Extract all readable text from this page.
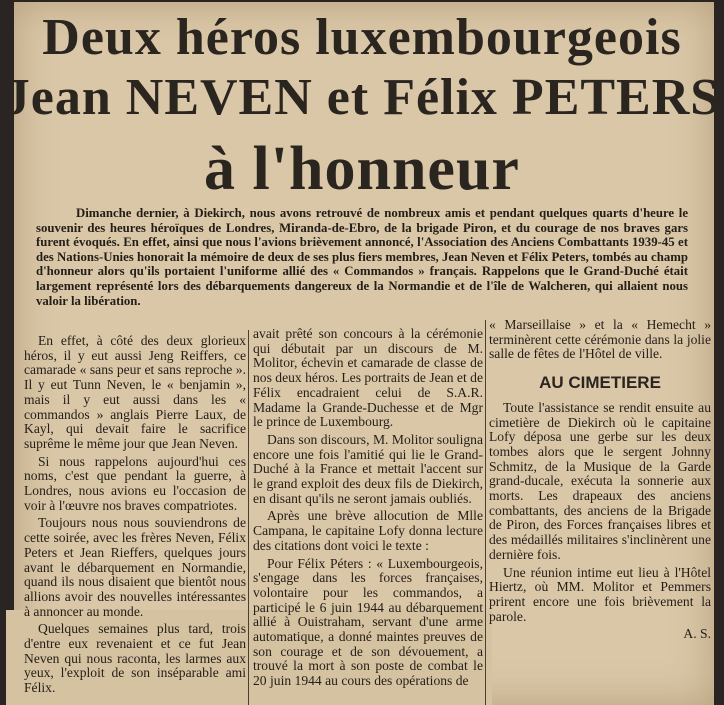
Deux héros luxembourgeois
Jean NEVEN et Félix PETERS
à l'honneur
Dimanche dernier, à Diekirch, nous avons retrouvé de nombreux amis et pendant quelques quarts d'heure le souvenir des heures héroïques de Londres, Miranda-de-Ebro, de la brigade Piron, et du courage de nos braves gars furent évoqués. En effet, ainsi que nous l'avions brièvement annoncé, l'Association des Anciens Combattants 1939-45 et des Nations-Unies honorait la mémoire de deux de ses plus fiers membres, Jean Neven et Félix Peters, tombés au champ d'honneur alors qu'ils portaient l'uniforme allié des « Commandos » français. Rappelons que le Grand-Duché était largement représenté lors des débarquements dangereux de la Normandie et de l'île de Walcheren, qui allaient nous valoir la libération.

En effet, à côté des deux glorieux héros, il y eut aussi Jeng Reiffers, ce camarade « sans peur et sans reproche ». Il y eut Tunn Neven, le « benjamin », mais il y eut aussi dans les « commandos » anglais Pierre Laux, de Kayl, qui devait faire le sacrifice suprême le même jour que Jean Neven.

Si nous rappelons aujourd'hui ces noms, c'est que pendant la guerre, à Londres, nous avions eu l'occasion de voir à l'œuvre nos braves compatriotes.

Toujours nous nous souviendrons de cette soirée, avec les frères Neven, Félix Peters et Jean Rieffers, quelques jours avant le débarquement en Normandie, quand ils nous disaient que bientôt nous allions avoir des nouvelles intéressantes à annoncer au monde.

Quelques semaines plus tard, trois d'entre eux revenaient et ce fut Jean Neven qui nous raconta, les larmes aux yeux, l'exploit de son inséparable ami Félix.

avait prêté son concours à la cérémonie qui débutait par un discours de M. Molitor, échevin et camarade de classe de nos deux héros. Les portraits de Jean et de Félix encadraient celui de S.A.R. Madame la Grande-Duchesse et de Mgr le prince de Luxembourg.

Dans son discours, M. Molitor souligna encore une fois l'amitié qui lie le Grand-Duché à la France et mettait l'accent sur le grand exploit des deux fils de Diekirch, en disant qu'ils ne seront jamais oubliés.

Après une brève allocution de Mlle Campana, le capitaine Lofy donna lecture des citations dont voici le texte :

Pour Félix Péters : « Luxembourgeois, s'engage dans les forces françaises, volontaire pour les commandos, a participé le 6 juin 1944 au débarquement allié à Ouistraham, servant d'une arme automatique, a donné maintes preuves de son courage et de son dévouement, a trouvé la mort à son poste de combat le 20 juin 1944 au cours des opérations de

« Marseillaise » et la « Hemecht » terminèrent cette cérémonie dans la jolie salle de fêtes de l'Hôtel de ville.

AU CIMETIERE

Toute l'assistance se rendit ensuite au cimetière de Diekirch où le capitaine Lofy déposa une gerbe sur les deux tombes alors que le sergent Johnny Schmitz, de la Musique de la Garde grand-ducale, exécuta la sonnerie aux morts. Les drapeaux des anciens combattants, des anciens de la Brigade de Piron, des Forces françaises libres et des médaillés militaires s'inclinèrent une dernière fois.

Une réunion intime eut lieu à l'Hôtel Hiertz, où MM. Molitor et Pemmers prirent encore une fois brièvement la parole.

A. S.
